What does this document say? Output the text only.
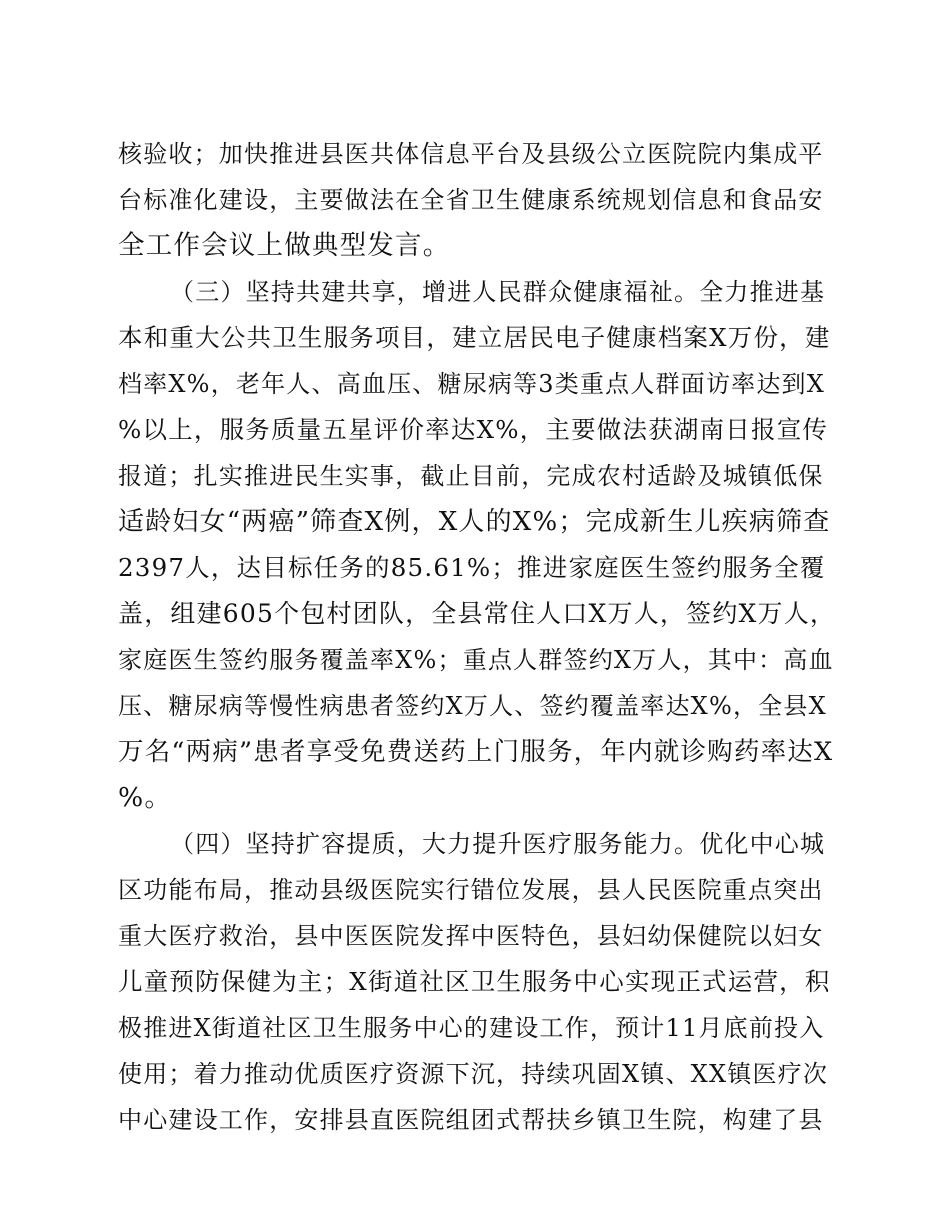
核验收；加快推进县医共体信息平台及县级公立医院院内集成平
台标准化建设，主要做法在全省卫生健康系统规划信息和食品安
全工作会议上做典型发言。
（三）坚持共建共享，增进人民群众健康福祉。全力推进基
本和重大公共卫生服务项目，建立居民电子健康档案X万份，建
档率X%，老年人、高血压、糖尿病等3类重点人群面访率达到X
%以上，服务质量五星评价率达X%，主要做法获湖南日报宣传
报道；扎实推进民生实事，截止目前，完成农村适龄及城镇低保
适龄妇女“两癌”筛查X例，X人的X%；完成新生儿疾病筛查
2397人，达目标任务的85.61%；推进家庭医生签约服务全覆
盖，组建605个包村团队，全县常住人口X万人，签约X万人，
家庭医生签约服务覆盖率X%；重点人群签约X万人，其中：高血
压、糖尿病等慢性病患者签约X万人、签约覆盖率达X%，全县X
万名“两病”患者享受免费送药上门服务，年内就诊购药率达X
%。
（四）坚持扩容提质，大力提升医疗服务能力。优化中心城
区功能布局，推动县级医院实行错位发展，县人民医院重点突出
重大医疗救治，县中医医院发挥中医特色，县妇幼保健院以妇女
儿童预防保健为主；X街道社区卫生服务中心实现正式运营，积
极推进X街道社区卫生服务中心的建设工作，预计11月底前投入
使用；着力推动优质医疗资源下沉，持续巩固X镇、XX镇医疗次
中心建设工作，安排县直医院组团式帮扶乡镇卫生院，构建了县
